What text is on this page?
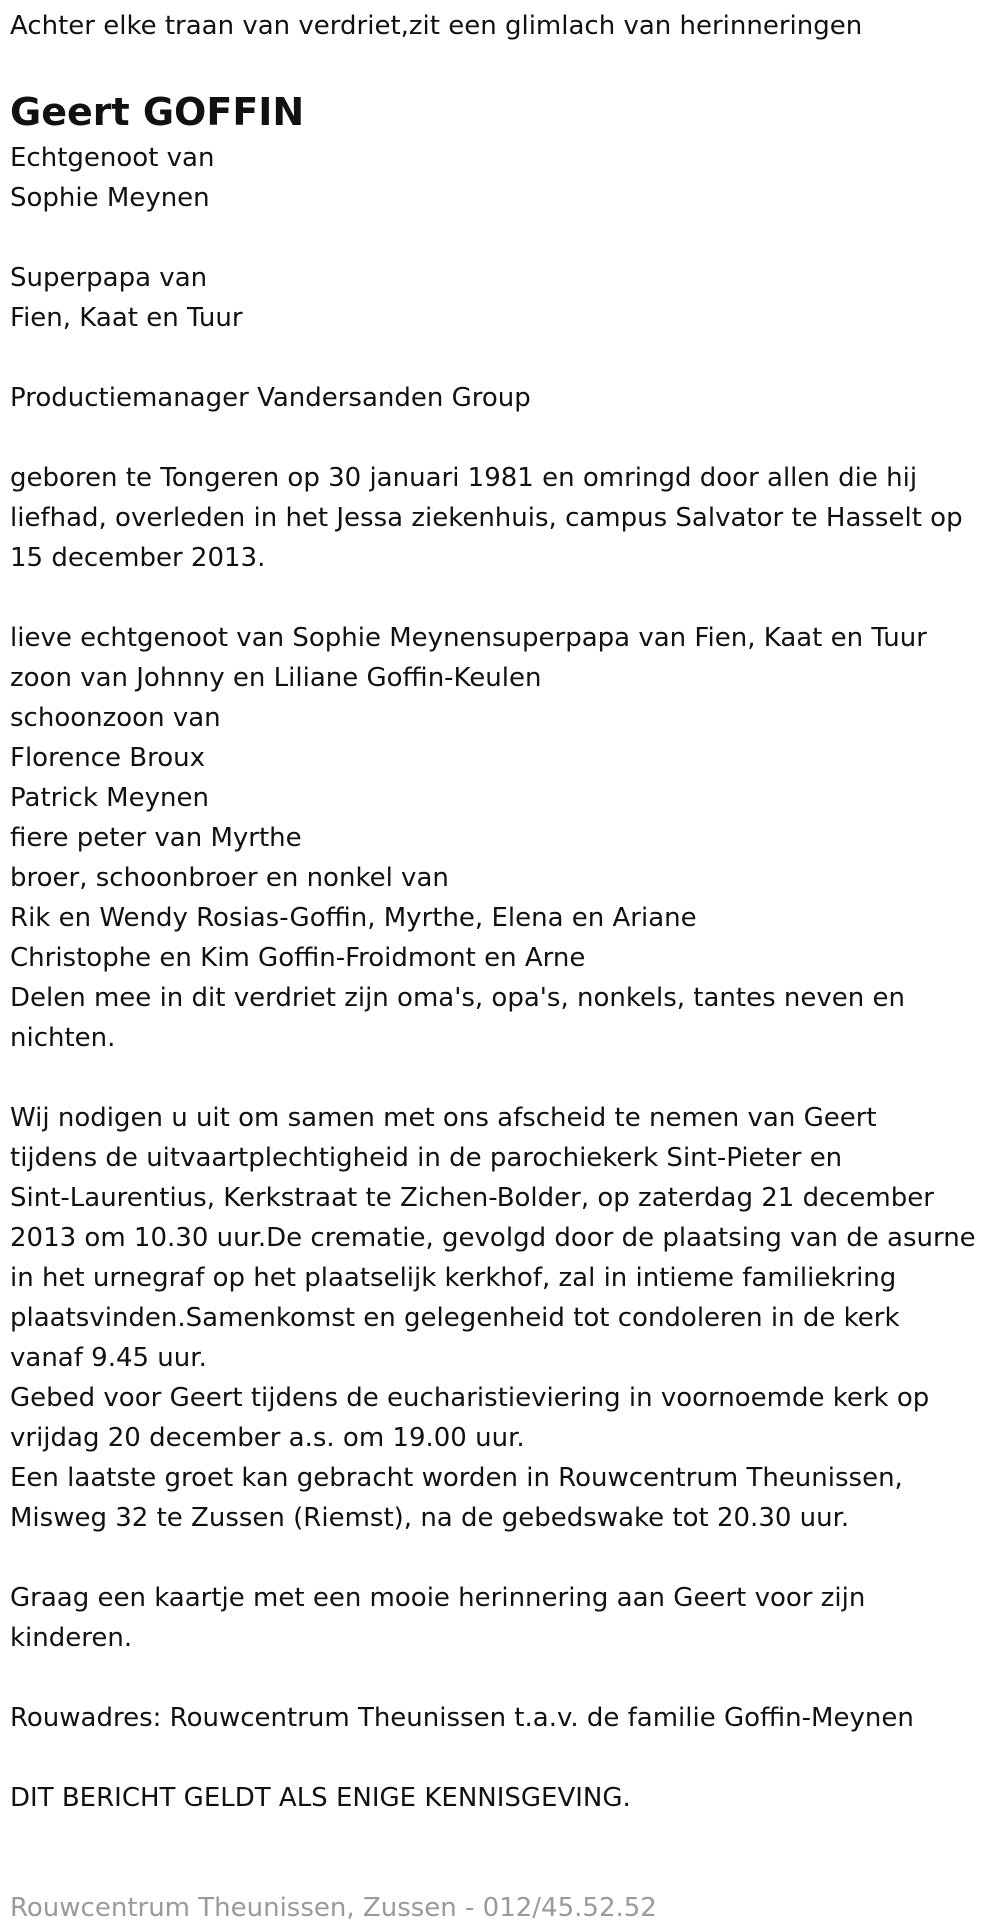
Achter elke traan van verdriet,zit een glimlach van herinneringen

Geert GOFFIN

Echtgenoot van

Sophie Meynen

Superpapa van

Fien, Kaat en Tuur

Productiemanager Vandersanden Group

geboren te Tongeren op 30 januari 1981 en omringd door allen die hij

liefhad, overleden in het Jessa ziekenhuis, campus Salvator te Hasselt op

15 december 2013.

lieve echtgenoot van Sophie Meynensuperpapa van Fien, Kaat en Tuur

zoon van Johnny en Liliane Goffin-Keulen

schoonzoon van

Florence Broux

Patrick Meynen

fiere peter van Myrthe

broer, schoonbroer en nonkel van

Rik en Wendy Rosias-Goffin, Myrthe, Elena en Ariane

Christophe en Kim Goffin-Froidmont en Arne

Delen mee in dit verdriet zijn oma's, opa's, nonkels, tantes neven en

nichten.

Wij nodigen u uit om samen met ons afscheid te nemen van Geert

tijdens de uitvaartplechtigheid in de parochiekerk Sint-Pieter en

Sint-Laurentius, Kerkstraat te Zichen-Bolder, op zaterdag 21 december

2013 om 10.30 uur.De crematie, gevolgd door de plaatsing van de asurne

in het urnegraf op het plaatselijk kerkhof, zal in intieme familiekring

plaatsvinden.Samenkomst en gelegenheid tot condoleren in de kerk

vanaf 9.45 uur.

Gebed voor Geert tijdens de eucharistieviering in voornoemde kerk op

vrijdag 20 december a.s. om 19.00 uur.

Een laatste groet kan gebracht worden in Rouwcentrum Theunissen,

Misweg 32 te Zussen (Riemst), na de gebedswake tot 20.30 uur.

Graag een kaartje met een mooie herinnering aan Geert voor zijn

kinderen.

Rouwadres: Rouwcentrum Theunissen t.a.v. de familie Goffin-Meynen

DIT BERICHT GELDT ALS ENIGE KENNISGEVING.

Rouwcentrum Theunissen, Zussen - 012/45.52.52
